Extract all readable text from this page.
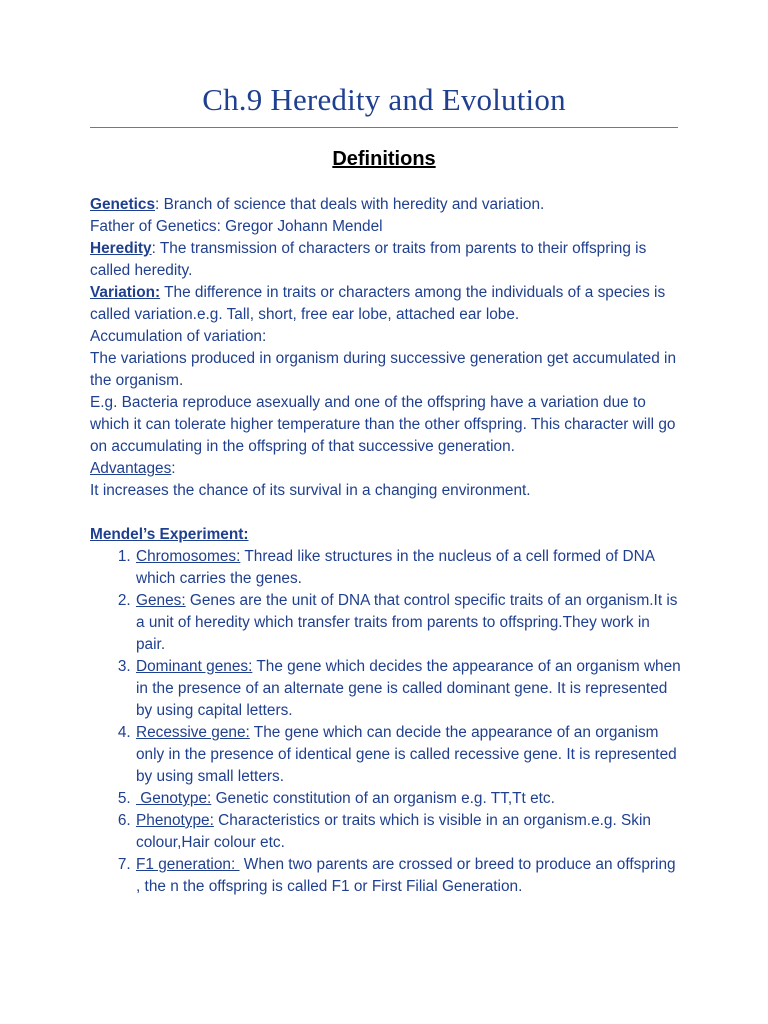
Ch.9 Heredity and Evolution
Definitions

Genetics: Branch of science that deals with heredity and variation.

Father of Genetics: Gregor Johann Mendel

Heredity: The transmission of characters or traits from parents to their offspring is called heredity.

Variation: The difference in traits or characters among the individuals of a species is called variation.e.g. Tall, short, free ear lobe, attached ear lobe.

Accumulation of variation:

The variations produced in organism during successive generation get accumulated in the organism.

E.g. Bacteria reproduce asexually and one of the offspring have a variation due to which it can tolerate higher temperature than the other offspring. This character will go on accumulating in the offspring of that successive generation.

Advantages:

It increases the chance of its survival in a changing environment.

Mendel’s Experiment:

1. Chromosomes: Thread like structures in the nucleus of a cell formed of DNA which carries the genes.
2. Genes: Genes are the unit of DNA that control specific traits of an organism.It is a unit of heredity which transfer traits from parents to offspring.They work in pair.
3. Dominant genes: The gene which decides the appearance of an organism when in the presence of an alternate gene is called dominant gene. It is represented by using capital letters.
4. Recessive gene: The gene which can decide the appearance of an organism only in the presence of identical gene is called recessive gene. It is represented by using small letters.
5.  Genotype: Genetic constitution of an organism e.g. TT,Tt etc.
6. Phenotype: Characteristics or traits which is visible in an organism.e.g. Skin colour,Hair colour etc.
7. F1 generation:  When two parents are crossed or breed to produce an offspring , the n the offspring is called F1 or First Filial Generation.
